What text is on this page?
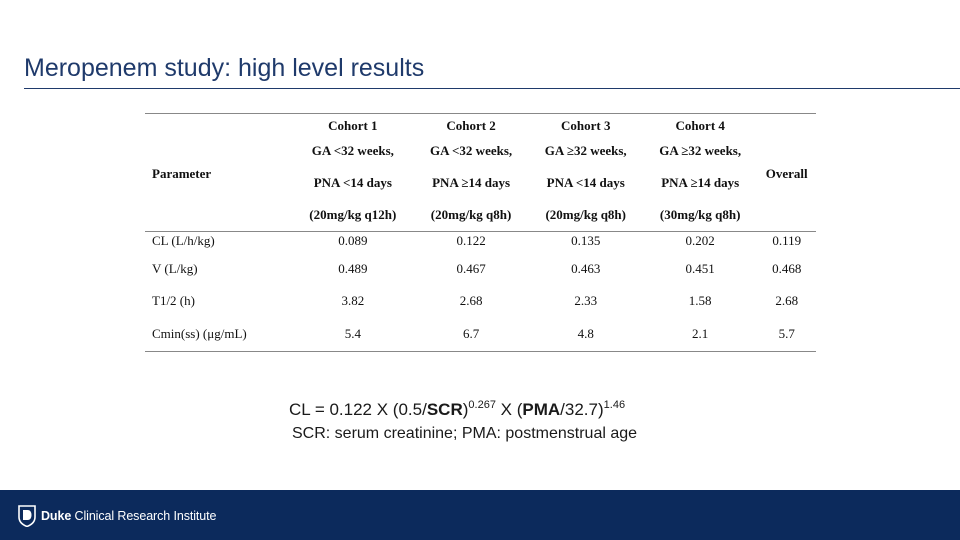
Meropenem study: high level results
Parameter	Cohort 1	Cohort 2	Cohort 3	Cohort 4	Overall
	GA <32 weeks,	GA <32 weeks,	GA ≥32 weeks,	GA ≥32 weeks,	
	PNA <14 days	PNA ≥14 days	PNA <14 days	PNA ≥14 days	
	(20mg/kg q12h)	(20mg/kg q8h)	(20mg/kg q8h)	(30mg/kg q8h)	
CL (L/h/kg)	0.089	0.122	0.135	0.202	0.119
V (L/kg)	0.489	0.467	0.463	0.451	0.468
T1/2 (h)	3.82	2.68	2.33	1.58	2.68
Cmin(ss) (μg/mL)	5.4	6.7	4.8	2.1	5.7
CL = 0.122 X $(0.5/SCR)^{0.267}$ X $(PMA/32.7)^{1.46}$
SCR: serum creatinine; PMA: postmenstrual age
Duke Clinical Research Institute
